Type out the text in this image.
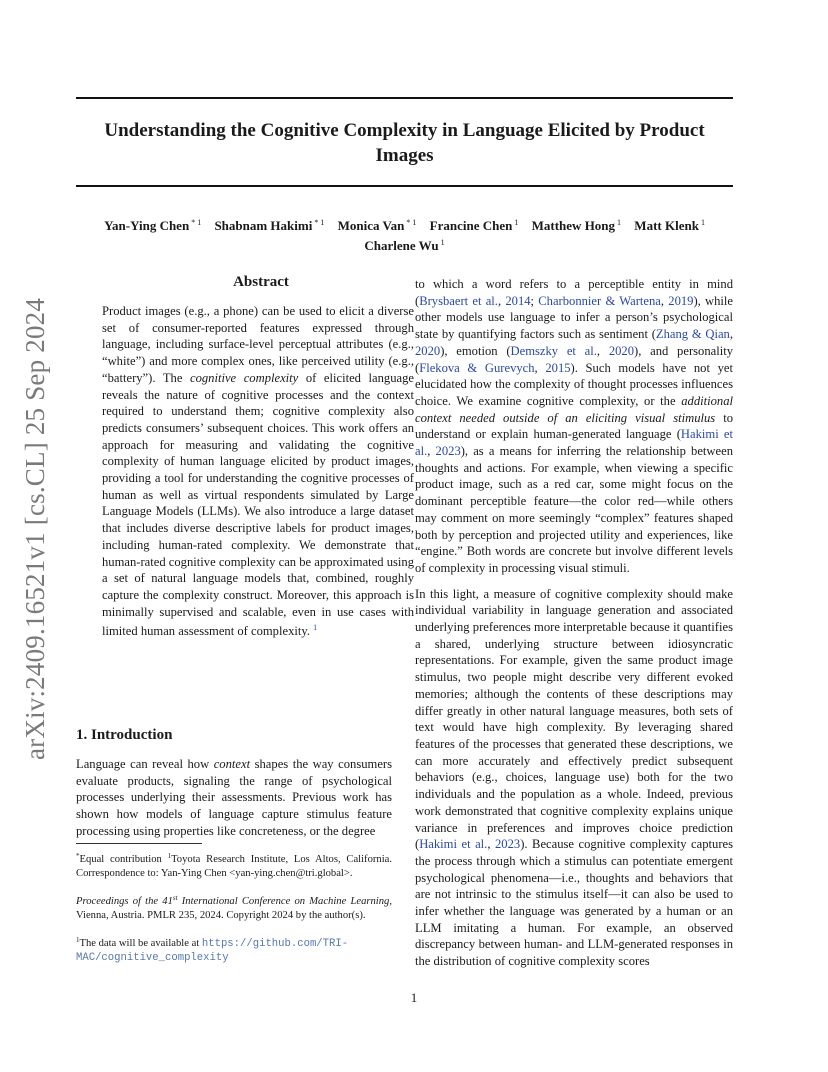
Understanding the Cognitive Complexity in Language Elicited by Product Images
Yan-Ying Chen $^{* 1}$ Shabnam Hakimi $^{* 1}$ Monica Van $^{* 1}$ Francine Chen $^1$ Matthew Hong $^1$ Matt Klenk $^1$
Charlene Wu $^1$
arXiv:2409.16521v1 [cs.CL] 25 Sep 2024
Abstract

Product images (e.g., a phone) can be used to elicit a diverse set of consumer-reported features expressed through language, including surface-level perceptual attributes (e.g., “white”) and more complex ones, like perceived utility (e.g., “battery”). The cognitive complexity of elicited language reveals the nature of cognitive processes and the context required to understand them; cognitive complexity also predicts consumers’ subsequent choices. This work offers an approach for measuring and validating the cognitive complexity of human language elicited by product images, providing a tool for understanding the cognitive processes of human as well as virtual respondents simulated by Large Language Models (LLMs). We also introduce a large dataset that includes diverse descriptive labels for product images, including human-rated complexity. We demonstrate that human-rated cognitive complexity can be approximated using a set of natural language models that, combined, roughly capture the complexity construct. Moreover, this approach is minimally supervised and scalable, even in use cases with limited human assessment of complexity. $^1$

1. Introduction

Language can reveal how context shapes the way consumers evaluate products, signaling the range of psychological processes underlying their assessments. Previous work has shown how models of language capture stimulus feature processing using properties like concreteness, or the degree

*Equal contribution $^1$Toyota Research Institute, Los Altos, California. Correspondence to: Yan-Ying Chen <yan-ying.chen@tri.global>.

Proceedings of the 41st International Conference on Machine Learning, Vienna, Austria. PMLR 235, 2024. Copyright 2024 by the author(s).

$^1$The data will be available at https://github.com/TRI-MAC/cognitive_complexity

to which a word refers to a perceptible entity in mind (Brysbaert et al., 2014; Charbonnier & Wartena, 2019), while other models use language to infer a person’s psychological state by quantifying factors such as sentiment (Zhang & Qian, 2020), emotion (Demszky et al., 2020), and personality (Flekova & Gurevych, 2015). Such models have not yet elucidated how the complexity of thought processes influences choice. We examine cognitive complexity, or the additional context needed outside of an eliciting visual stimulus to understand or explain human-generated language (Hakimi et al., 2023), as a means for inferring the relationship between thoughts and actions. For example, when viewing a specific product image, such as a red car, some might focus on the dominant perceptible feature—the color red—while others may comment on more seemingly “complex” features shaped both by perception and projected utility and experiences, like “engine.” Both words are concrete but involve different levels of complexity in processing visual stimuli.

In this light, a measure of cognitive complexity should make individual variability in language generation and associated underlying preferences more interpretable because it quantifies a shared, underlying structure between idiosyncratic representations. For example, given the same product image stimulus, two people might describe very different evoked memories; although the contents of these descriptions may differ greatly in other natural language measures, both sets of text would have high complexity. By leveraging shared features of the processes that generated these descriptions, we can more accurately and effectively predict subsequent behaviors (e.g., choices, language use) both for the two individuals and the population as a whole. Indeed, previous work demonstrated that cognitive complexity explains unique variance in preferences and improves choice prediction (Hakimi et al., 2023). Because cognitive complexity captures the process through which a stimulus can potentiate emergent psychological phenomena—i.e., thoughts and behaviors that are not intrinsic to the stimulus itself—it can also be used to infer whether the language was generated by a human or an LLM imitating a human. For example, an observed discrepancy between human- and LLM-generated responses in the distribution of cognitive complexity scores

1
